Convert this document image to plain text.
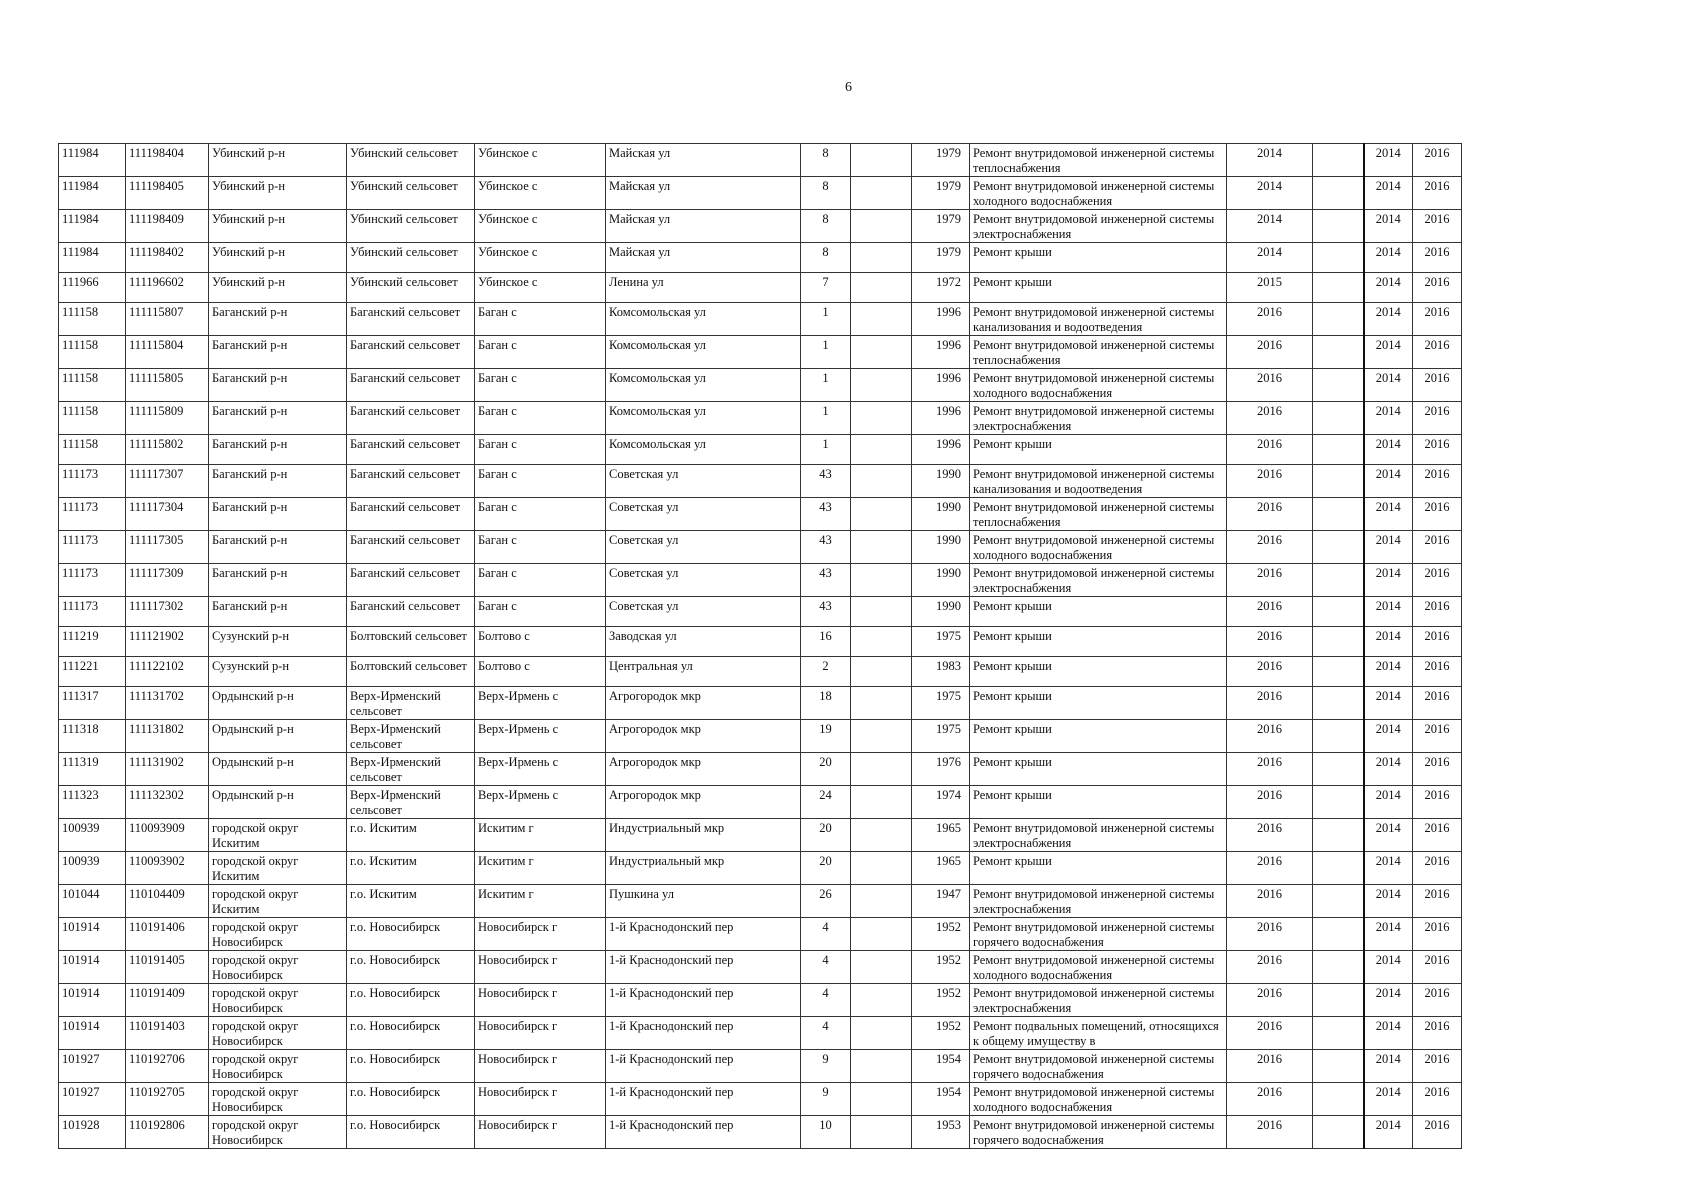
6
111984	111198404	Убинский р-н	Убинский сельсовет	Убинское с	Майская ул	8		1979	Ремонт внутридомовой инженерной системы теплоснабжения	2014		2014	2016
111984	111198405	Убинский р-н	Убинский сельсовет	Убинское с	Майская ул	8		1979	Ремонт внутридомовой инженерной системы холодного водоснабжения	2014		2014	2016
111984	111198409	Убинский р-н	Убинский сельсовет	Убинское с	Майская ул	8		1979	Ремонт внутридомовой инженерной системы электроснабжения	2014		2014	2016
111984	111198402	Убинский р-н	Убинский сельсовет	Убинское с	Майская ул	8		1979	Ремонт крыши	2014		2014	2016
111966	111196602	Убинский р-н	Убинский сельсовет	Убинское с	Ленина ул	7		1972	Ремонт крыши	2015		2014	2016
111158	111115807	Баганский р-н	Баганский сельсовет	Баган с	Комсомольская ул	1		1996	Ремонт внутридомовой инженерной системы канализования и водоотведения	2016		2014	2016
111158	111115804	Баганский р-н	Баганский сельсовет	Баган с	Комсомольская ул	1		1996	Ремонт внутридомовой инженерной системы теплоснабжения	2016		2014	2016
111158	111115805	Баганский р-н	Баганский сельсовет	Баган с	Комсомольская ул	1		1996	Ремонт внутридомовой инженерной системы холодного водоснабжения	2016		2014	2016
111158	111115809	Баганский р-н	Баганский сельсовет	Баган с	Комсомольская ул	1		1996	Ремонт внутридомовой инженерной системы электроснабжения	2016		2014	2016
111158	111115802	Баганский р-н	Баганский сельсовет	Баган с	Комсомольская ул	1		1996	Ремонт крыши	2016		2014	2016
111173	111117307	Баганский р-н	Баганский сельсовет	Баган с	Советская ул	43		1990	Ремонт внутридомовой инженерной системы канализования и водоотведения	2016		2014	2016
111173	111117304	Баганский р-н	Баганский сельсовет	Баган с	Советская ул	43		1990	Ремонт внутридомовой инженерной системы теплоснабжения	2016		2014	2016
111173	111117305	Баганский р-н	Баганский сельсовет	Баган с	Советская ул	43		1990	Ремонт внутридомовой инженерной системы холодного водоснабжения	2016		2014	2016
111173	111117309	Баганский р-н	Баганский сельсовет	Баган с	Советская ул	43		1990	Ремонт внутридомовой инженерной системы электроснабжения	2016		2014	2016
111173	111117302	Баганский р-н	Баганский сельсовет	Баган с	Советская ул	43		1990	Ремонт крыши	2016		2014	2016
111219	111121902	Сузунский р-н	Болтовский сельсовет	Болтово с	Заводская ул	16		1975	Ремонт крыши	2016		2014	2016
111221	111122102	Сузунский р-н	Болтовский сельсовет	Болтово с	Центральная ул	2		1983	Ремонт крыши	2016		2014	2016
111317	111131702	Ордынский р-н	Верх-Ирменский сельсовет	Верх-Ирмень с	Агрогородок мкр	18		1975	Ремонт крыши	2016		2014	2016
111318	111131802	Ордынский р-н	Верх-Ирменский сельсовет	Верх-Ирмень с	Агрогородок мкр	19		1975	Ремонт крыши	2016		2014	2016
111319	111131902	Ордынский р-н	Верх-Ирменский сельсовет	Верх-Ирмень с	Агрогородок мкр	20		1976	Ремонт крыши	2016		2014	2016
111323	111132302	Ордынский р-н	Верх-Ирменский сельсовет	Верх-Ирмень с	Агрогородок мкр	24		1974	Ремонт крыши	2016		2014	2016
100939	110093909	городской округ Искитим	г.о. Искитим	Искитим г	Индустриальный мкр	20		1965	Ремонт внутридомовой инженерной системы электроснабжения	2016		2014	2016
100939	110093902	городской округ Искитим	г.о. Искитим	Искитим г	Индустриальный мкр	20		1965	Ремонт крыши	2016		2014	2016
101044	110104409	городской округ Искитим	г.о. Искитим	Искитим г	Пушкина ул	26		1947	Ремонт внутридомовой инженерной системы электроснабжения	2016		2014	2016
101914	110191406	городской округ Новосибирск	г.о. Новосибирск	Новосибирск г	1-й Краснодонский пер	4		1952	Ремонт внутридомовой инженерной системы горячего водоснабжения	2016		2014	2016
101914	110191405	городской округ Новосибирск	г.о. Новосибирск	Новосибирск г	1-й Краснодонский пер	4		1952	Ремонт внутридомовой инженерной системы холодного водоснабжения	2016		2014	2016
101914	110191409	городской округ Новосибирск	г.о. Новосибирск	Новосибирск г	1-й Краснодонский пер	4		1952	Ремонт внутридомовой инженерной системы электроснабжения	2016		2014	2016
101914	110191403	городской округ Новосибирск	г.о. Новосибирск	Новосибирск г	1-й Краснодонский пер	4		1952	Ремонт подвальных помещений, относящихся к общему имуществу в	2016		2014	2016
101927	110192706	городской округ Новосибирск	г.о. Новосибирск	Новосибирск г	1-й Краснодонский пер	9		1954	Ремонт внутридомовой инженерной системы горячего водоснабжения	2016		2014	2016
101927	110192705	городской округ Новосибирск	г.о. Новосибирск	Новосибирск г	1-й Краснодонский пер	9		1954	Ремонт внутридомовой инженерной системы холодного водоснабжения	2016		2014	2016
101928	110192806	городской округ Новосибирск	г.о. Новосибирск	Новосибирск г	1-й Краснодонский пер	10		1953	Ремонт внутридомовой инженерной системы горячего водоснабжения	2016		2014	2016
